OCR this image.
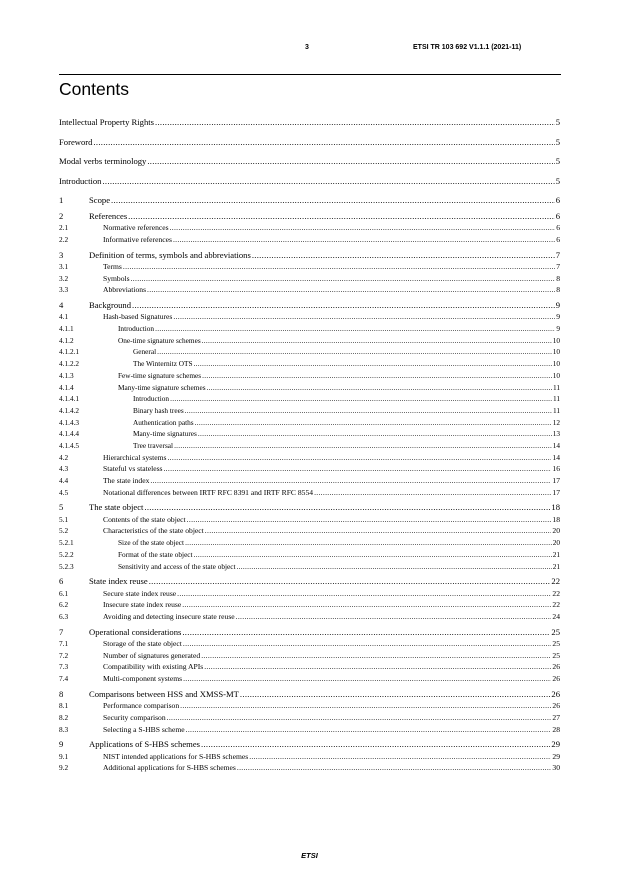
3	ETSI TR 103 692 V1.1.1 (2021-11)
Contents
Intellectual Property Rights .....	5
Foreword .....	5
Modal verbs terminology .....	5
Introduction .....	5
1	Scope .....	6
2	References .....	6
2.1	Normative references .....	6
2.2	Informative references .....	6
3	Definition of terms, symbols and abbreviations .....	7
3.1	Terms .....	7
3.2	Symbols .....	8
3.3	Abbreviations .....	8
4	Background .....	9
4.1	Hash-based Signatures .....	9
4.1.1	Introduction .....	9
4.1.2	One-time signature schemes .....	10
4.1.2.1	General .....	10
4.1.2.2	The Winternitz OTS .....	10
4.1.3	Few-time signature schemes .....	10
4.1.4	Many-time signature schemes .....	11
4.1.4.1	Introduction .....	11
4.1.4.2	Binary hash trees .....	11
4.1.4.3	Authentication paths .....	12
4.1.4.4	Many-time signatures .....	13
4.1.4.5	Tree traversal .....	14
4.2	Hierarchical systems .....	14
4.3	Stateful vs stateless .....	16
4.4	The state index .....	17
4.5	Notational differences between IRTF RFC 8391 and IRTF RFC 8554 .....	17
5	The state object .....	18
5.1	Contents of the state object .....	18
5.2	Characteristics of the state object .....	20
5.2.1	Size of the state object .....	20
5.2.2	Format of the state object .....	21
5.2.3	Sensitivity and access of the state object .....	21
6	State index reuse .....	22
6.1	Secure state index reuse .....	22
6.2	Insecure state index reuse .....	22
6.3	Avoiding and detecting insecure state reuse .....	24
7	Operational considerations .....	25
7.1	Storage of the state object .....	25
7.2	Number of signatures generated .....	25
7.3	Compatibility with existing APIs .....	26
7.4	Multi-component systems .....	26
8	Comparisons between HSS and XMSS-MT .....	26
8.1	Performance comparison .....	26
8.2	Security comparison .....	27
8.3	Selecting a S-HBS scheme .....	28
9	Applications of S-HBS schemes .....	29
9.1	NIST intended applications for S-HBS schemes .....	29
9.2	Additional applications for S-HBS schemes .....	30
ETSI
